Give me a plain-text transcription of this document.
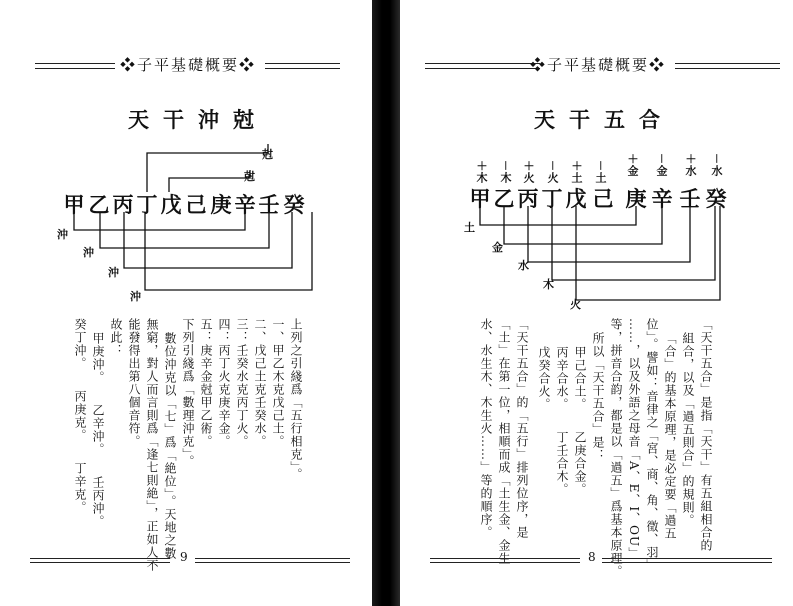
❖子平基礎概要❖
天干沖尅
甲 乙 丙 丁 戊 己 庚 辛 壬 癸
尅
尅
沖
沖
沖
沖
上列之引綫爲「五行相克」。
一、甲乙木克戊己土。
二、戊己土克壬癸水。
三：壬癸水克丙丁火。
四：丙丁火克庚辛金。
五：庚辛金尅甲乙術。
下列引綫爲「數理沖克」。
數位沖克以「七」爲「絶位」。天地之數
無窮，對人而言則爲「逢七則絶」，正如人不
能發得出第八個音符。
故此：
甲庚沖。　　乙辛沖。　　壬丙沖。
癸丁沖。　　丙庚克。　　丁辛克。
9
❖子平基礎概要❖
天干五合
＋木 －木 ＋火 －火 ＋土 －土 ＋金 －金 ＋水 －水
甲 乙 丙 丁 戊 己 庚 辛 壬 癸
土
金
水
木
火
「天干五合」是指「天干」有五組相合的
組合，以及「過五則合」的規則。
「合」的基本原理，是必定要「過五
位」。譬如：音律之「宮、商、角、徵、羽」
……，以及外語之母音「A、E、I、OU」
等，拼音合韵，都是以「過五」爲基本原理。
所以「天干五合」是：
甲己合土。　　乙庚合金。
丙辛合水。　　丁壬合木。
戊癸合火。
「天干五合」的「五行」排列位序，是
「土」在第一位，相順而成「土生金、金生
水、水生木、木生火……」等的順序。
8
